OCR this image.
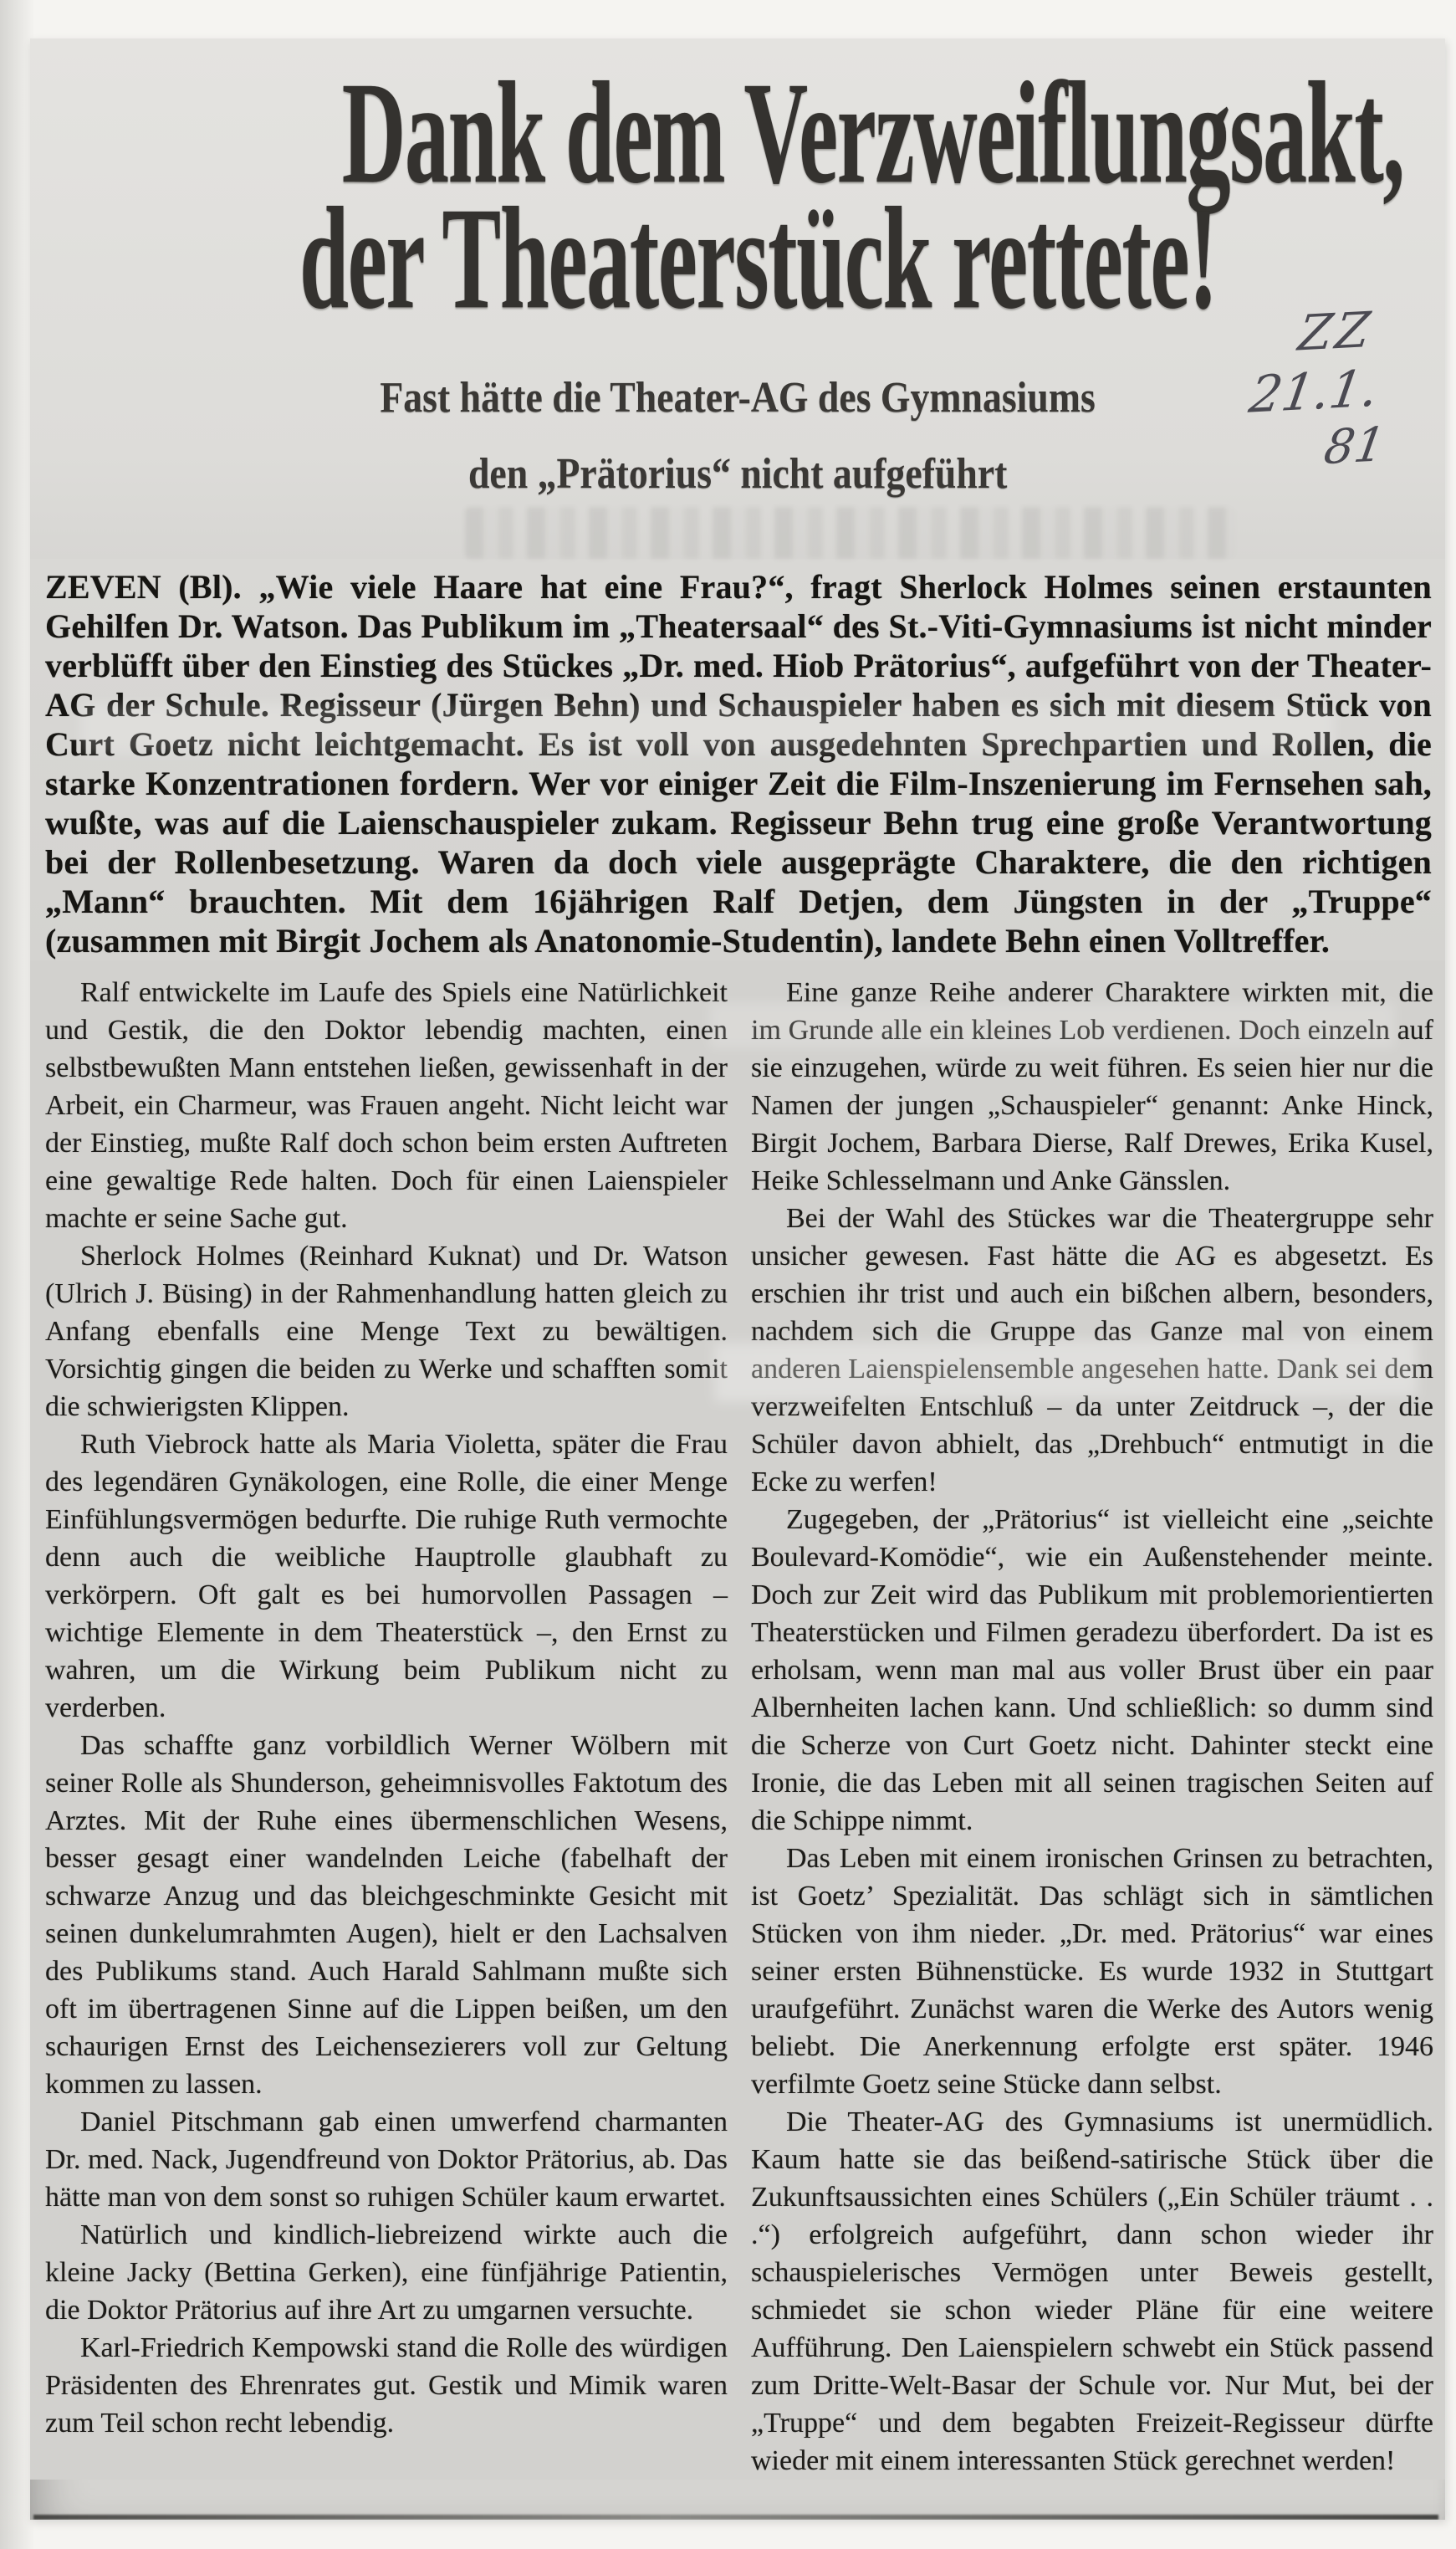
Dank dem Verzweiflungsakt,
der Theaterstück rettete!
Fast hätte die Theater-AG des Gymnasiums
den „Prätorius“ nicht aufgeführt

ZEVEN (Bl). „Wie viele Haare hat eine Frau?“, fragt Sherlock Holmes seinen erstaunten Gehilfen Dr. Watson. Das Publikum im „Theatersaal“ des St.-Viti-Gymnasiums ist nicht minder verblüfft über den Einstieg des Stückes „Dr. med. Hiob Prätorius“, aufgeführt von der Theater-AG der Schule. Regisseur (Jürgen Behn) und Schauspieler haben es sich mit diesem Stück von Curt Goetz nicht leichtgemacht. Es ist voll von ausgedehnten Sprechpartien und Rollen, die starke Konzentrationen fordern. Wer vor einiger Zeit die Film-Inszenierung im Fernsehen sah, wußte, was auf die Laienschauspieler zukam. Regisseur Behn trug eine große Verantwortung bei der Rollenbesetzung. Waren da doch viele ausgeprägte Charaktere, die den richtigen „Mann“ brauchten. Mit dem 16jährigen Ralf Detjen, dem Jüngsten in der „Truppe“ (zusammen mit Birgit Jochem als Anatonomie-Studentin), landete Behn einen Volltreffer.

Ralf entwickelte im Laufe des Spiels eine Natürlichkeit und Gestik, die den Doktor lebendig machten, einen selbstbewußten Mann entstehen ließen, gewissenhaft in der Arbeit, ein Charmeur, was Frauen angeht. Nicht leicht war der Einstieg, mußte Ralf doch schon beim ersten Auftreten eine gewaltige Rede halten. Doch für einen Laienspieler machte er seine Sache gut.

Sherlock Holmes (Reinhard Kuknat) und Dr. Watson (Ulrich J. Büsing) in der Rahmenhandlung hatten gleich zu Anfang ebenfalls eine Menge Text zu bewältigen. Vorsichtig gingen die beiden zu Werke und schafften somit die schwierigsten Klippen.

Ruth Viebrock hatte als Maria Violetta, später die Frau des legendären Gynäkologen, eine Rolle, die einer Menge Einfühlungsvermögen bedurfte. Die ruhige Ruth vermochte denn auch die weibliche Hauptrolle glaubhaft zu verkörpern. Oft galt es bei humorvollen Passagen – wichtige Elemente in dem Theaterstück –, den Ernst zu wahren, um die Wirkung beim Publikum nicht zu verderben.

Das schaffte ganz vorbildlich Werner Wölbern mit seiner Rolle als Shunderson, geheimnisvolles Faktotum des Arztes. Mit der Ruhe eines übermenschlichen Wesens, besser gesagt einer wandelnden Leiche (fabelhaft der schwarze Anzug und das bleichgeschminkte Gesicht mit seinen dunkelumrahmten Augen), hielt er den Lachsalven des Publikums stand. Auch Harald Sahlmann mußte sich oft im übertragenen Sinne auf die Lippen beißen, um den schaurigen Ernst des Leichensezierers voll zur Geltung kommen zu lassen.

Daniel Pitschmann gab einen umwerfend charmanten Dr. med. Nack, Jugendfreund von Doktor Prätorius, ab. Das hätte man von dem sonst so ruhigen Schüler kaum erwartet.

Natürlich und kindlich-liebreizend wirkte auch die kleine Jacky (Bettina Gerken), eine fünfjährige Patientin, die Doktor Prätorius auf ihre Art zu umgarnen versuchte.

Karl-Friedrich Kempowski stand die Rolle des würdigen Präsidenten des Ehrenrates gut. Gestik und Mimik waren zum Teil schon recht lebendig.

Eine ganze Reihe anderer Charaktere wirkten mit, die im Grunde alle ein kleines Lob verdienen. Doch einzeln auf sie einzugehen, würde zu weit führen. Es seien hier nur die Namen der jungen „Schauspieler“ genannt: Anke Hinck, Birgit Jochem, Barbara Dierse, Ralf Drewes, Erika Kusel, Heike Schlesselmann und Anke Gänsslen.

Bei der Wahl des Stückes war die Theatergruppe sehr unsicher gewesen. Fast hätte die AG es abgesetzt. Es erschien ihr trist und auch ein bißchen albern, besonders, nachdem sich die Gruppe das Ganze mal von einem anderen Laienspielensemble angesehen hatte. Dank sei dem verzweifelten Entschluß – da unter Zeitdruck –, der die Schüler davon abhielt, das „Drehbuch“ entmutigt in die Ecke zu werfen!

Zugegeben, der „Prätorius“ ist vielleicht eine „seichte Boulevard-Komödie“, wie ein Außenstehender meinte. Doch zur Zeit wird das Publikum mit problemorientierten Theaterstücken und Filmen geradezu überfordert. Da ist es erholsam, wenn man mal aus voller Brust über ein paar Albernheiten lachen kann. Und schließlich: so dumm sind die Scherze von Curt Goetz nicht. Dahinter steckt eine Ironie, die das Leben mit all seinen tragischen Seiten auf die Schippe nimmt.

Das Leben mit einem ironischen Grinsen zu betrachten, ist Goetz’ Spezialität. Das schlägt sich in sämtlichen Stücken von ihm nieder. „Dr. med. Prätorius“ war eines seiner ersten Bühnenstücke. Es wurde 1932 in Stuttgart uraufgeführt. Zunächst waren die Werke des Autors wenig beliebt. Die Anerkennung erfolgte erst später. 1946 verfilmte Goetz seine Stücke dann selbst.

Die Theater-AG des Gymnasiums ist unermüdlich. Kaum hatte sie das beißend-satirische Stück über die Zukunftsaussichten eines Schülers („Ein Schüler träumt . . .“) erfolgreich aufgeführt, dann schon wieder ihr schauspielerisches Vermögen unter Beweis gestellt, schmiedet sie schon wieder Pläne für eine weitere Aufführung. Den Laienspielern schwebt ein Stück passend zum Dritte-Welt-Basar der Schule vor. Nur Mut, bei der „Truppe“ und dem begabten Freizeit-Regisseur dürfte wieder mit einem interessanten Stück gerechnet werden!

ZZ
21.1.
81
